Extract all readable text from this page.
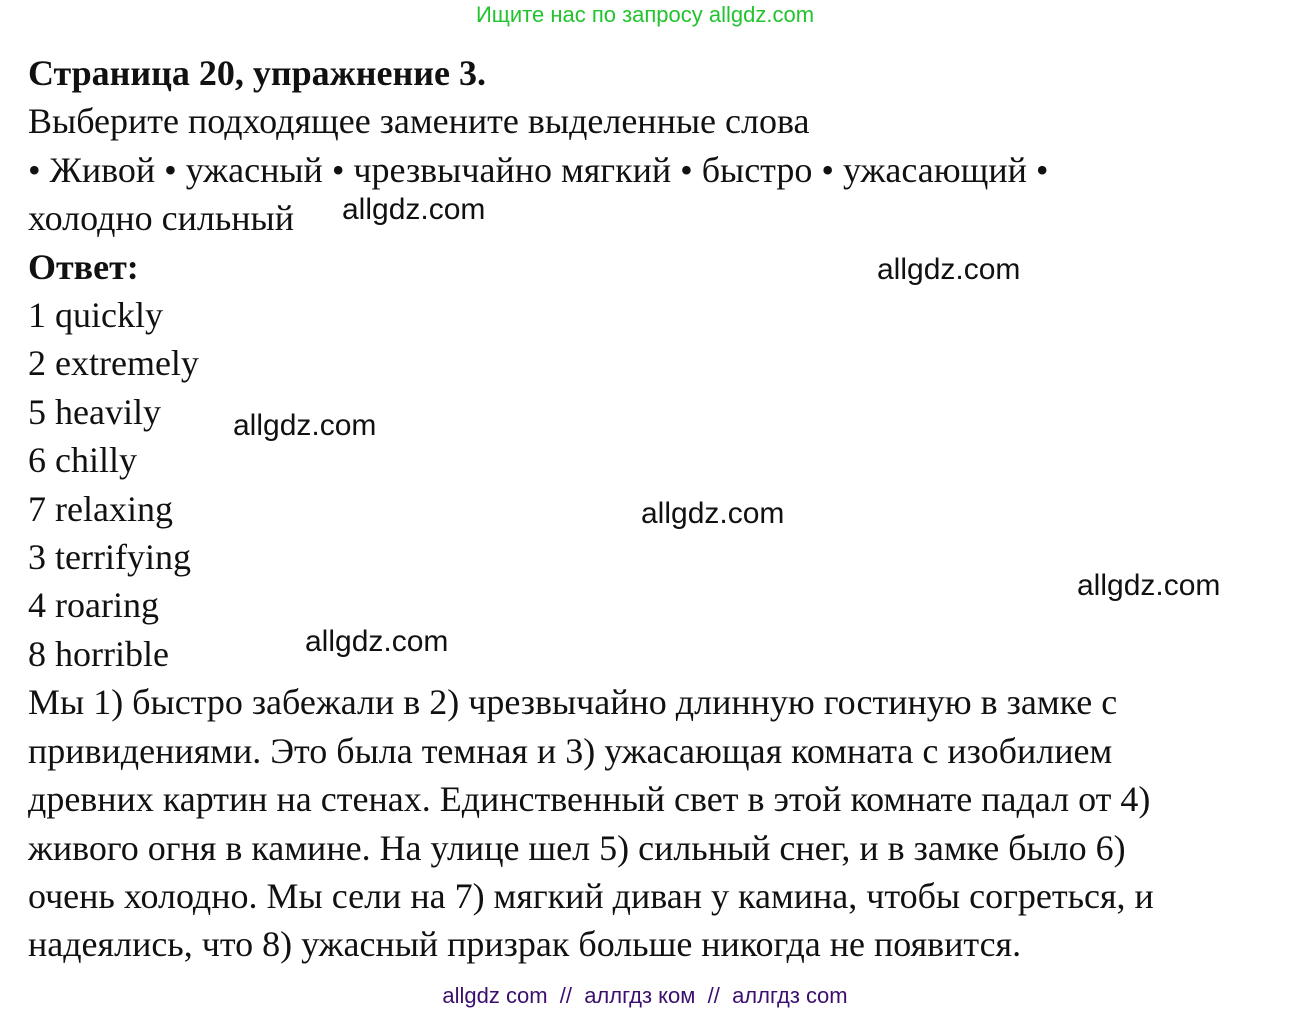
Ищите нас по запросу allgdz.com
Страница 20, упражнение 3.
Выберите подходящее замените выделенные слова
• Живой • ужасный • чрезвычайно мягкий • быстро • ужасающий •
холодно сильный
Ответ:
1 quickly
2 extremely
5 heavily
6 chilly
7 relaxing
3 terrifying
4 roaring
8 horrible
Мы 1) быстро забежали в 2) чрезвычайно длинную гостиную в замке с
привидениями. Это была темная и 3) ужасающая комната с изобилием
древних картин на стенах. Единственный свет в этой комнате падал от 4)
живого огня в камине. На улице шел 5) сильный снег, и в замке было 6)
очень холодно. Мы сели на 7) мягкий диван у камина, чтобы согреться, и
надеялись, что 8) ужасный призрак больше никогда не появится.
allgdz.com
allgdz.com
allgdz.com
allgdz.com
allgdz.com
allgdz.com
allgdz com  //  аллгдз ком  //  аллгдз com
